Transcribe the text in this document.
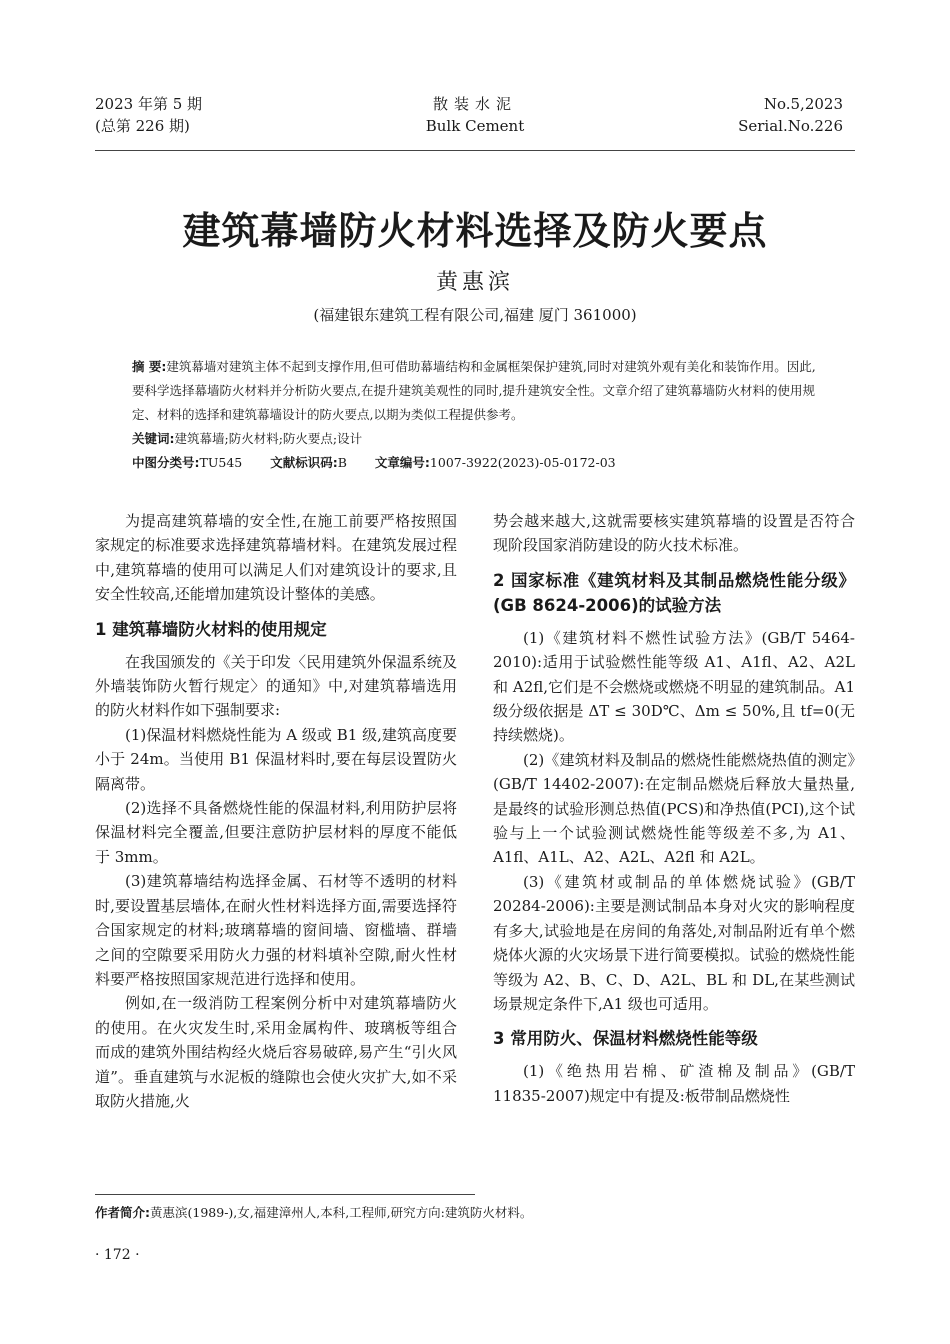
2023 年第 5 期
(总第 226 期)
散装水泥
Bulk Cement
No.5,2023
Serial.No.226
建筑幕墙防火材料选择及防火要点
黄惠滨
(福建银东建筑工程有限公司,福建 厦门 361000)
摘 要:建筑幕墙对建筑主体不起到支撑作用,但可借助幕墙结构和金属框架保护建筑,同时对建筑外观有美化和装饰作用。因此,要科学选择幕墙防火材料并分析防火要点,在提升建筑美观性的同时,提升建筑安全性。文章介绍了建筑幕墙防火材料的使用规定、材料的选择和建筑幕墙设计的防火要点,以期为类似工程提供参考。
关键词:建筑幕墙;防火材料;防火要点;设计
中图分类号:TU545 文献标识码:B 文章编号:1007-3922(2023)-05-0172-03

为提高建筑幕墙的安全性,在施工前要严格按照国家规定的标准要求选择建筑幕墙材料。在建筑发展过程中,建筑幕墙的使用可以满足人们对建筑设计的要求,且安全性较高,还能增加建筑设计整体的美感。

1 建筑幕墙防火材料的使用规定

在我国颁发的《关于印发〈民用建筑外保温系统及外墙装饰防火暂行规定〉的通知》中,对建筑幕墙选用的防火材料作如下强制要求:

(1)保温材料燃烧性能为 A 级或 B1 级,建筑高度要小于 24m。当使用 B1 保温材料时,要在每层设置防火隔离带。

(2)选择不具备燃烧性能的保温材料,利用防护层将保温材料完全覆盖,但要注意防护层材料的厚度不能低于 3mm。

(3)建筑幕墙结构选择金属、石材等不透明的材料时,要设置基层墙体,在耐火性材料选择方面,需要选择符合国家规定的材料;玻璃幕墙的窗间墙、窗槛墙、群墙之间的空隙要采用防火力强的材料填补空隙,耐火性材料要严格按照国家规范进行选择和使用。

例如,在一级消防工程案例分析中对建筑幕墙防火的使用。在火灾发生时,采用金属构件、玻璃板等组合而成的建筑外围结构经火烧后容易破碎,易产生“引火风道”。垂直建筑与水泥板的缝隙也会使火灾扩大,如不采取防火措施,火

势会越来越大,这就需要核实建筑幕墙的设置是否符合现阶段国家消防建设的防火技术标准。

2 国家标准《建筑材料及其制品燃烧性能分级》(GB 8624-2006)的试验方法

(1)《建筑材料不燃性试验方法》(GB/T 5464-2010):适用于试验燃性能等级 A1、A1fl、A2、A2L 和 A2fl,它们是不会燃烧或燃烧不明显的建筑制品。A1 级分级依据是 ΔT ≤ 30D℃、Δm ≤ 50%,且 tf=0(无持续燃烧)。

(2)《建筑材料及制品的燃烧性能燃烧热值的测定》(GB/T 14402-2007):在定制品燃烧后释放大量热量,是最终的试验形测总热值(PCS)和净热值(PCI),这个试验与上一个试验测试燃烧性能等级差不多,为 A1、A1fl、A1L、A2、A2L、A2fl 和 A2L。

(3)《建筑材或制品的单体燃烧试验》(GB/T 20284-2006):主要是测试制品本身对火灾的影响程度有多大,试验地是在房间的角落处,对制品附近有单个燃烧体火源的火灾场景下进行简要模拟。试验的燃烧性能等级为 A2、B、C、D、A2L、BL 和 DL,在某些测试场景规定条件下,A1 级也可适用。

3 常用防火、保温材料燃烧性能等级

(1)《绝热用岩棉、矿渣棉及制品》(GB/T 11835-2007)规定中有提及:板带制品燃烧性

作者简介:黄惠滨(1989-),女,福建漳州人,本科,工程师,研究方向:建筑防火材料。
· 172 ·
